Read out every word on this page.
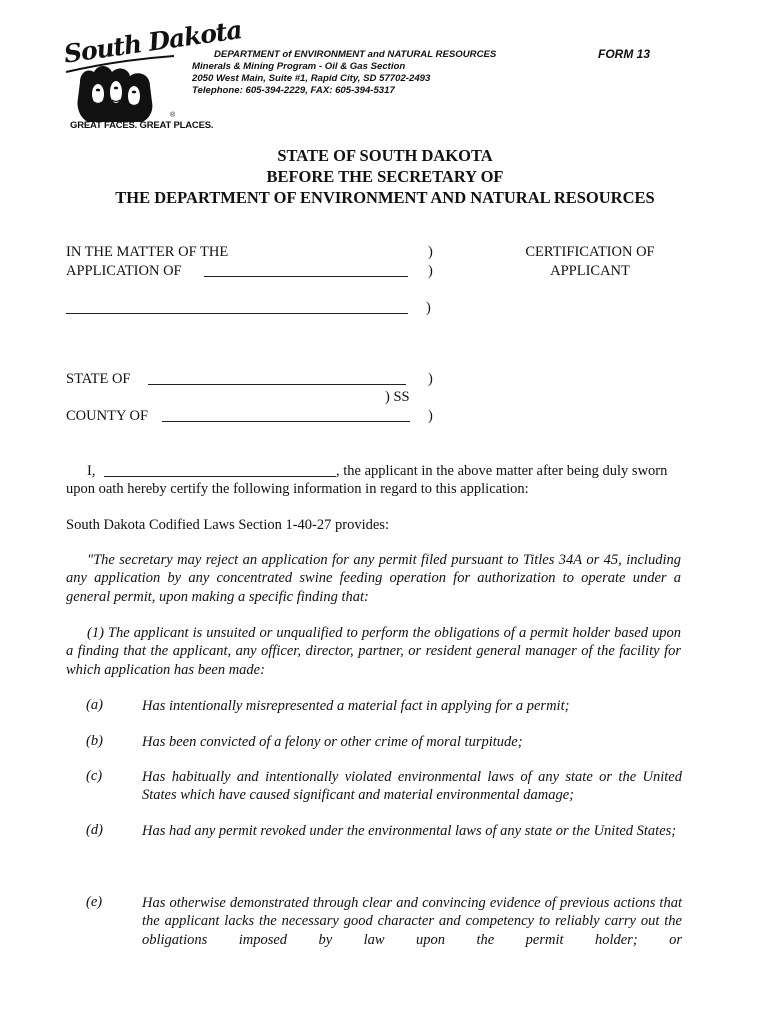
South Dakota
GREAT FACES. GREAT PLACES.
®
DEPARTMENT of ENVIRONMENT and NATURAL RESOURCES
Minerals & Mining Program - Oil & Gas Section
2050 West Main, Suite #1, Rapid City, SD 57702-2493
Telephone: 605-394-2229, FAX: 605-394-5317
FORM 13
STATE OF SOUTH DAKOTA
BEFORE THE SECRETARY OF
THE DEPARTMENT OF ENVIRONMENT AND NATURAL RESOURCES
IN THE MATTER OF THE
APPLICATION OF
)
)
CERTIFICATION OF
APPLICANT
)
STATE OF	)
) SS
COUNTY OF	)
I,	, the applicant in the above matter after being duly sworn
upon oath hereby certify the following information in regard to this application:
South Dakota Codified Laws Section 1-40-27 provides:
"The secretary may reject an application for any permit filed pursuant to Titles 34A or 45, including any application by any concentrated swine feeding operation for authorization to operate under a general permit, upon making a specific finding that:
(1) The applicant is unsuited or unqualified to perform the obligations of a permit holder based upon a finding that the applicant, any officer, director, partner, or resident general manager of the facility for which application has been made:
(a)	Has intentionally misrepresented a material fact in applying for a permit;
(b)	Has been convicted of a felony or other crime of moral turpitude;
(c)	Has habitually and intentionally violated environmental laws of any state or the United States which have caused significant and material environmental damage;
(d)	Has had any permit revoked under the environmental laws of any state or the United States;
(e)	Has otherwise demonstrated through clear and convincing evidence of previous actions that the applicant lacks the necessary good character and competency to reliably carry out the obligations imposed by law upon the permit holder; or
